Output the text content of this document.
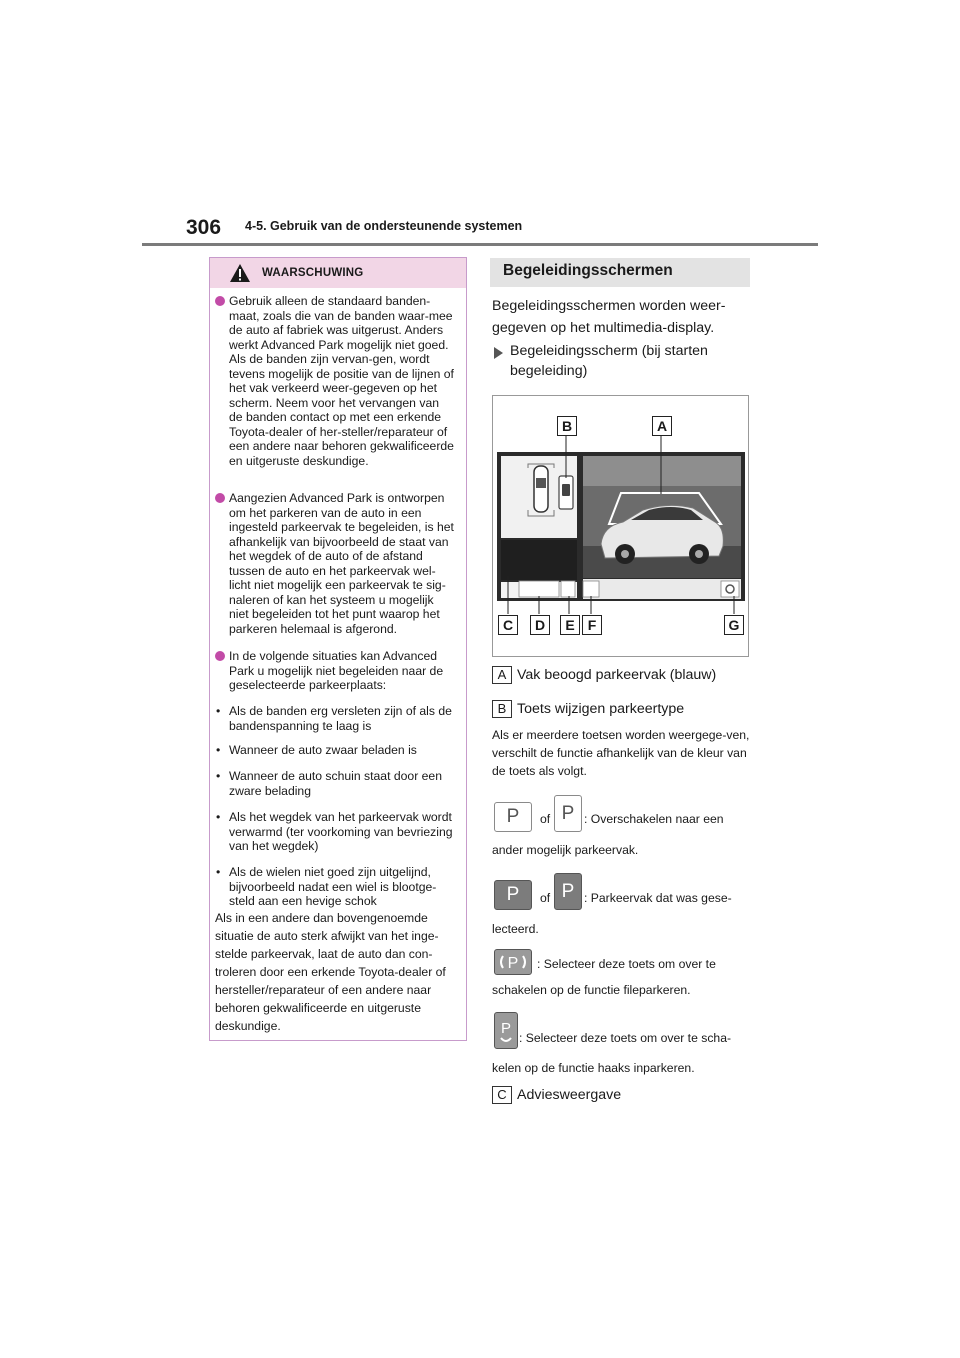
306 4-5. Gebruik van de ondersteunende systemen
WAARSCHUWING
Gebruik alleen de standaard banden-maat, zoals die van de banden waar-mee de auto af fabriek was uitgerust. Anders werkt Advanced Park mogelijk niet goed. Als de banden zijn vervan-gen, wordt tevens mogelijk de positie van de lijnen of het vak verkeerd weer-gegeven op het scherm. Neem voor het vervangen van de banden contact op met een erkende Toyota-dealer of her-steller/reparateur of een andere naar behoren gekwalificeerde en uitgeruste deskundige.
Aangezien Advanced Park is ontworpen om het parkeren van de auto in een ingesteld parkeervak te begeleiden, is het afhankelijk van bijvoorbeeld de staat van het wegdek of de auto of de afstand tussen de auto en het parkeervak wel-licht niet mogelijk een parkeervak te sig-naleren of kan het systeem u mogelijk niet begeleiden tot het punt waarop het parkeren helemaal is afgerond.
In de volgende situaties kan Advanced Park u mogelijk niet begeleiden naar de geselecteerde parkeerplaats:
• Als de banden erg versleten zijn of als de bandenspanning te laag is
• Wanneer de auto zwaar beladen is
• Wanneer de auto schuin staat door een zware belading
• Als het wegdek van het parkeervak wordt verwarmd (ter voorkoming van bevriezing van het wegdek)
• Als de wielen niet goed zijn uitgelijnd, bijvoorbeeld nadat een wiel is blootge-steld aan een hevige schok
Als in een andere dan bovengenoemde situatie de auto sterk afwijkt van het inge-stelde parkeervak, laat de auto dan con-troleren door een erkende Toyota-dealer of hersteller/reparateur of een andere naar behoren gekwalificeerde en uitgeruste deskundige.
Begeleidingsschermen
Begeleidingsschermen worden weer-gegeven op het multimedia-display.
Begeleidingsscherm (bij starten begeleiding)
B	A
C	D	E F	G
A Vak beoogd parkeervak (blauw)
B Toets wijzigen parkeertype
Als er meerdere toetsen worden weergege-ven, verschilt de functie afhankelijk van de kleur van de toets als volgt.
P	of P : Overschakelen naar een
ander mogelijk parkeervak.
P	of P : Parkeervak dat was gese-
lecteerd.
P : Selecteer deze toets om over te
schakelen op de functie fileparkeren.
P
: Selecteer deze toets om over te scha-
kelen op de functie haaks inparkeren.
C Adviesweergave
